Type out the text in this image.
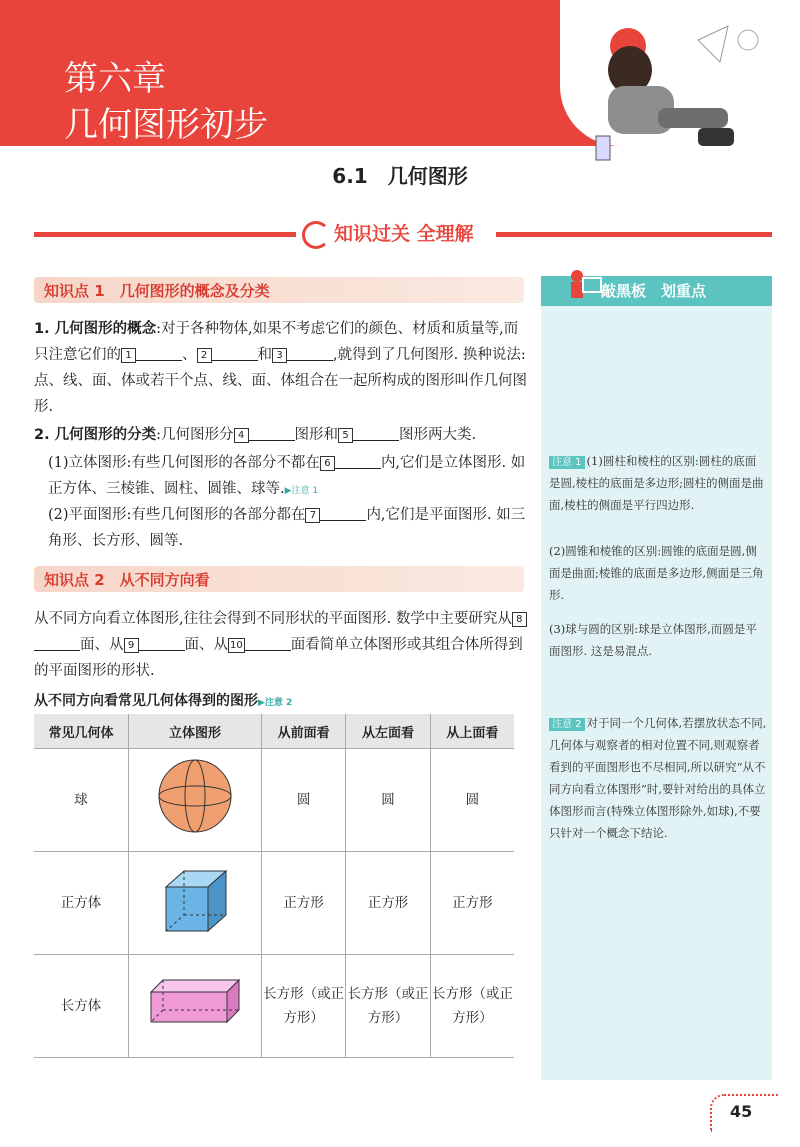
第六章
几何图形初步
6.1　几何图形
知识过关 全理解
知识点 1　几何图形的概念及分类
1. 几何图形的概念:对于各种物体,如果不考虑它们的颜色、材质和质量等,而只注意它们的 1	、 2	和 3	,就得到了几何图形. 换种说法:点、线、面、体或若干个点、线、面、体组合在一起所构成的图形叫作几何图形.
2. 几何图形的分类:几何图形分 4	图形和 5	图形两大类.
(1)立体图形:有些几何图形的各部分不都在 6	内,它们是立体图形. 如正方体、三棱锥、圆柱、圆锥、球等.▶注意 1
(2)平面图形:有些几何图形的各部分都在 7	内,它们是平面图形. 如三角形、长方形、圆等.
知识点 2　从不同方向看
从不同方向看立体图形,往往会得到不同形状的平面图形. 数学中主要研究从 8面、从 9	面、从 10	面看简单立体图形或其组合体所得到的平面图形的形状.
从不同方向看常见几何体得到的图形▶注意 2
常见几何体	立体图形	从前面看	从左面看	从上面看
球		圆	圆	圆
正方体		正方形	正方形	正方形
长方体		长方形（或正方形）	长方形（或正方形）	长方形（或正方形）
敲黑板　划重点
注意 1 (1)圆柱和棱柱的区别:圆柱的底面是圆,棱柱的底面是多边形;圆柱的侧面是曲面,棱柱的侧面是平行四边形.
(2)圆锥和棱锥的区别:圆锥的底面是圆,侧面是曲面;棱锥的底面是多边形,侧面是三角形.
(3)球与圆的区别:球是立体图形,而圆是平面图形. 这是易混点.
注意 2 对于同一个几何体,若摆放状态不同,几何体与观察者的相对位置不同,则观察者看到的平面图形也不尽相同,所以研究“从不同方向看立体图形”时,要针对给出的具体立体图形而言(特殊立体图形除外,如球),不要只针对一个概念下结论.
45
